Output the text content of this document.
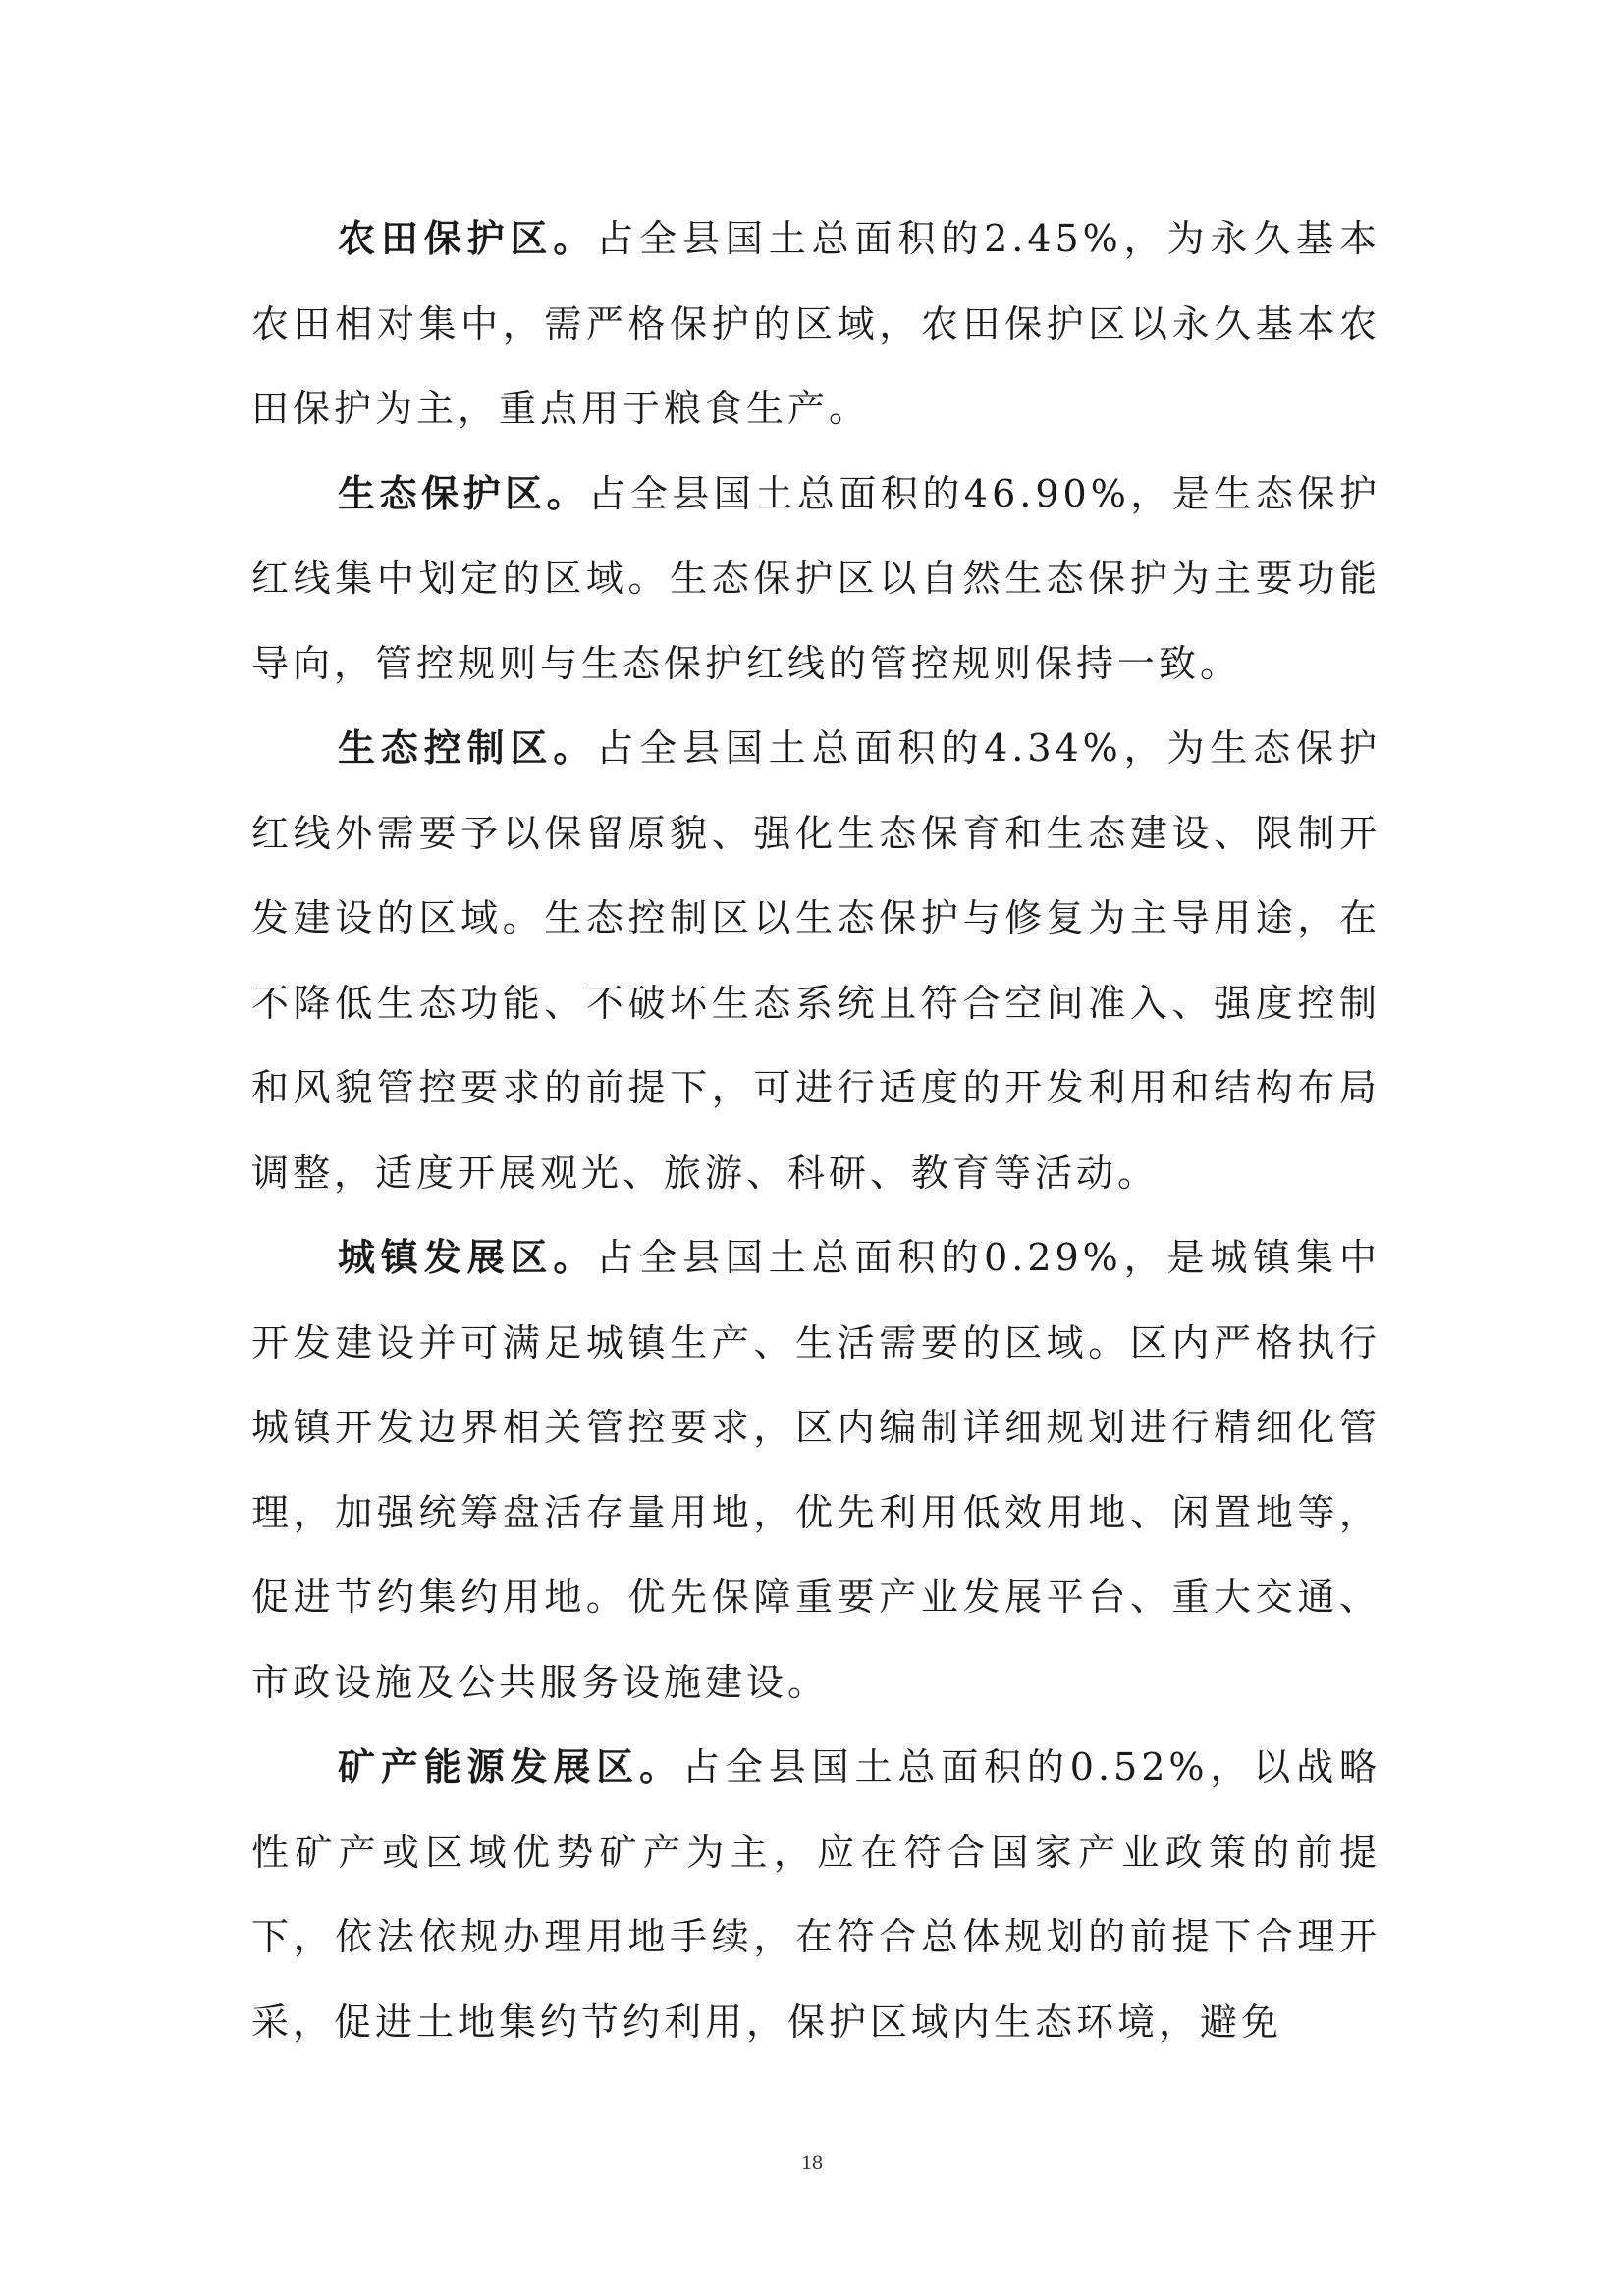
农田保护区。占全县国土总面积的2.45%，为永久基本农田相对集中，需严格保护的区域，农田保护区以永久基本农田保护为主，重点用于粮食生产。

生态保护区。占全县国土总面积的46.90%，是生态保护红线集中划定的区域。生态保护区以自然生态保护为主要功能导向，管控规则与生态保护红线的管控规则保持一致。

生态控制区。占全县国土总面积的4.34%，为生态保护红线外需要予以保留原貌、强化生态保育和生态建设、限制开发建设的区域。生态控制区以生态保护与修复为主导用途，在不降低生态功能、不破坏生态系统且符合空间准入、强度控制和风貌管控要求的前提下，可进行适度的开发利用和结构布局调整，适度开展观光、旅游、科研、教育等活动。

城镇发展区。占全县国土总面积的0.29%，是城镇集中开发建设并可满足城镇生产、生活需要的区域。区内严格执行城镇开发边界相关管控要求，区内编制详细规划进行精细化管理，加强统筹盘活存量用地，优先利用低效用地、闲置地等，促进节约集约用地。优先保障重要产业发展平台、重大交通、市政设施及公共服务设施建设。

矿产能源发展区。占全县国土总面积的0.52%，以战略性矿产或区域优势矿产为主，应在符合国家产业政策的前提下，依法依规办理用地手续，在符合总体规划的前提下合理开采，促进土地集约节约利用，保护区域内生态环境，避免

18
